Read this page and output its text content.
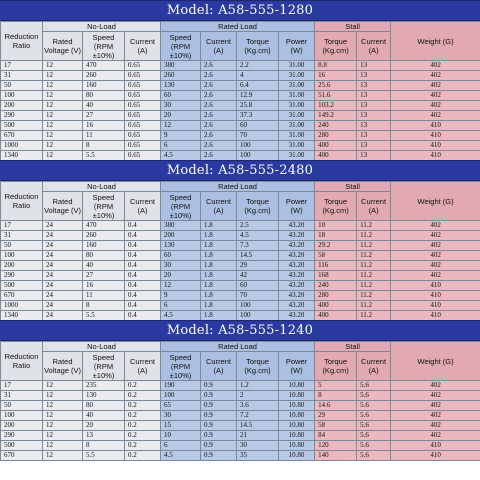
Model: A58-555-1280
Reduction Ratio	No-Load			Rated Load				Stall		Weight (G)
	Rated Voltage (V)	Speed (RPM ±10%)	Current (A)	Speed (RPM ±10%)	Current (A)	Torque (Kg.cm)	Power (W)	Torque (Kg.cm)	Current (A)	
17	12	470	0.65	380	2.6	2.2	31.00	8.8	13	402
31	12	260	0.65	260	2.6	4	31.00	16	13	402
50	12	160	0.65	130	2.6	6.4	31.00	25.6	13	402
100	12	80	0.65	60	2.6	12.9	31.00	51.6	13	402
200	12	40	0.65	30	2.6	25.8	31.00	103.2	13	402
290	12	27	0.65	20	2.6	37.3	31.00	149.2	13	402
500	12	16	0.65	12	2.6	60	31.00	240	13	410
670	12	11	0.65	9	2.6	70	31.00	280	13	410
1000	12	8	0.65	6	2.6	100	31.00	400	13	410
1340	12	5.5	0.65	4.5	2.6	100	31.00	400	13	410
Model: A58-555-2480
Reduction Ratio	No-Load			Rated Load				Stall		Weight (G)
	Rated Voltage (V)	Speed (RPM ±10%)	Current (A)	Speed (RPM ±10%)	Current (A)	Torque (Kg.cm)	Power (W)	Torque (Kg.cm)	Current (A)	
17	24	470	0.4	380	1.8	2.5	43.20	10	11.2	402
31	24	260	0.4	200	1.8	4.5	43.20	18	11.2	402
50	24	160	0.4	130	1.8	7.3	43.20	29.2	11.2	402
100	24	80	0.4	60	1.8	14.5	43.20	58	11.2	402
200	24	40	0.4	30	1.8	29	43.20	116	11.2	402
290	24	27	0.4	20	1.8	42	43.20	168	11.2	402
500	24	16	0.4	12	1.8	60	43.20	240	11.2	410
670	24	11	0.4	9	1.8	70	43.20	280	11.2	410
1000	24	8	0.4	6	1.8	100	43.20	400	11.2	410
1340	24	5.5	0.4	4.5	1.8	100	43.20	400	11.2	410
Model: A58-555-1240
Reduction Ratio	No-Load			Rated Load				Stall		Weight (G)
	Rated Voltage (V)	Speed (RPM ±10%)	Current (A)	Speed (RPM ±10%)	Current (A)	Torque (Kg.cm)	Power (W)	Torque (Kg.cm)	Current (A)	
17	12	235	0.2	190	0.9	1.2	10.80	5	5.6	402
31	12	130	0.2	100	0.9	2	10.80	8	5.6	402
50	12	80	0.2	65	0.9	3.6	10.80	14.6	5.6	402
100	12	40	0.2	30	0.9	7.2	10.80	29	5.6	402
200	12	20	0.2	15	0.9	14.5	10.80	58	5.6	402
290	12	13	0.2	10	0.9	21	10.80	84	5.6	402
500	12	8	0.2	6	0.9	30	10.80	120	5.6	410
670	12	5.5	0.2	4.5	0.9	35	10.80	140	5.6	410
